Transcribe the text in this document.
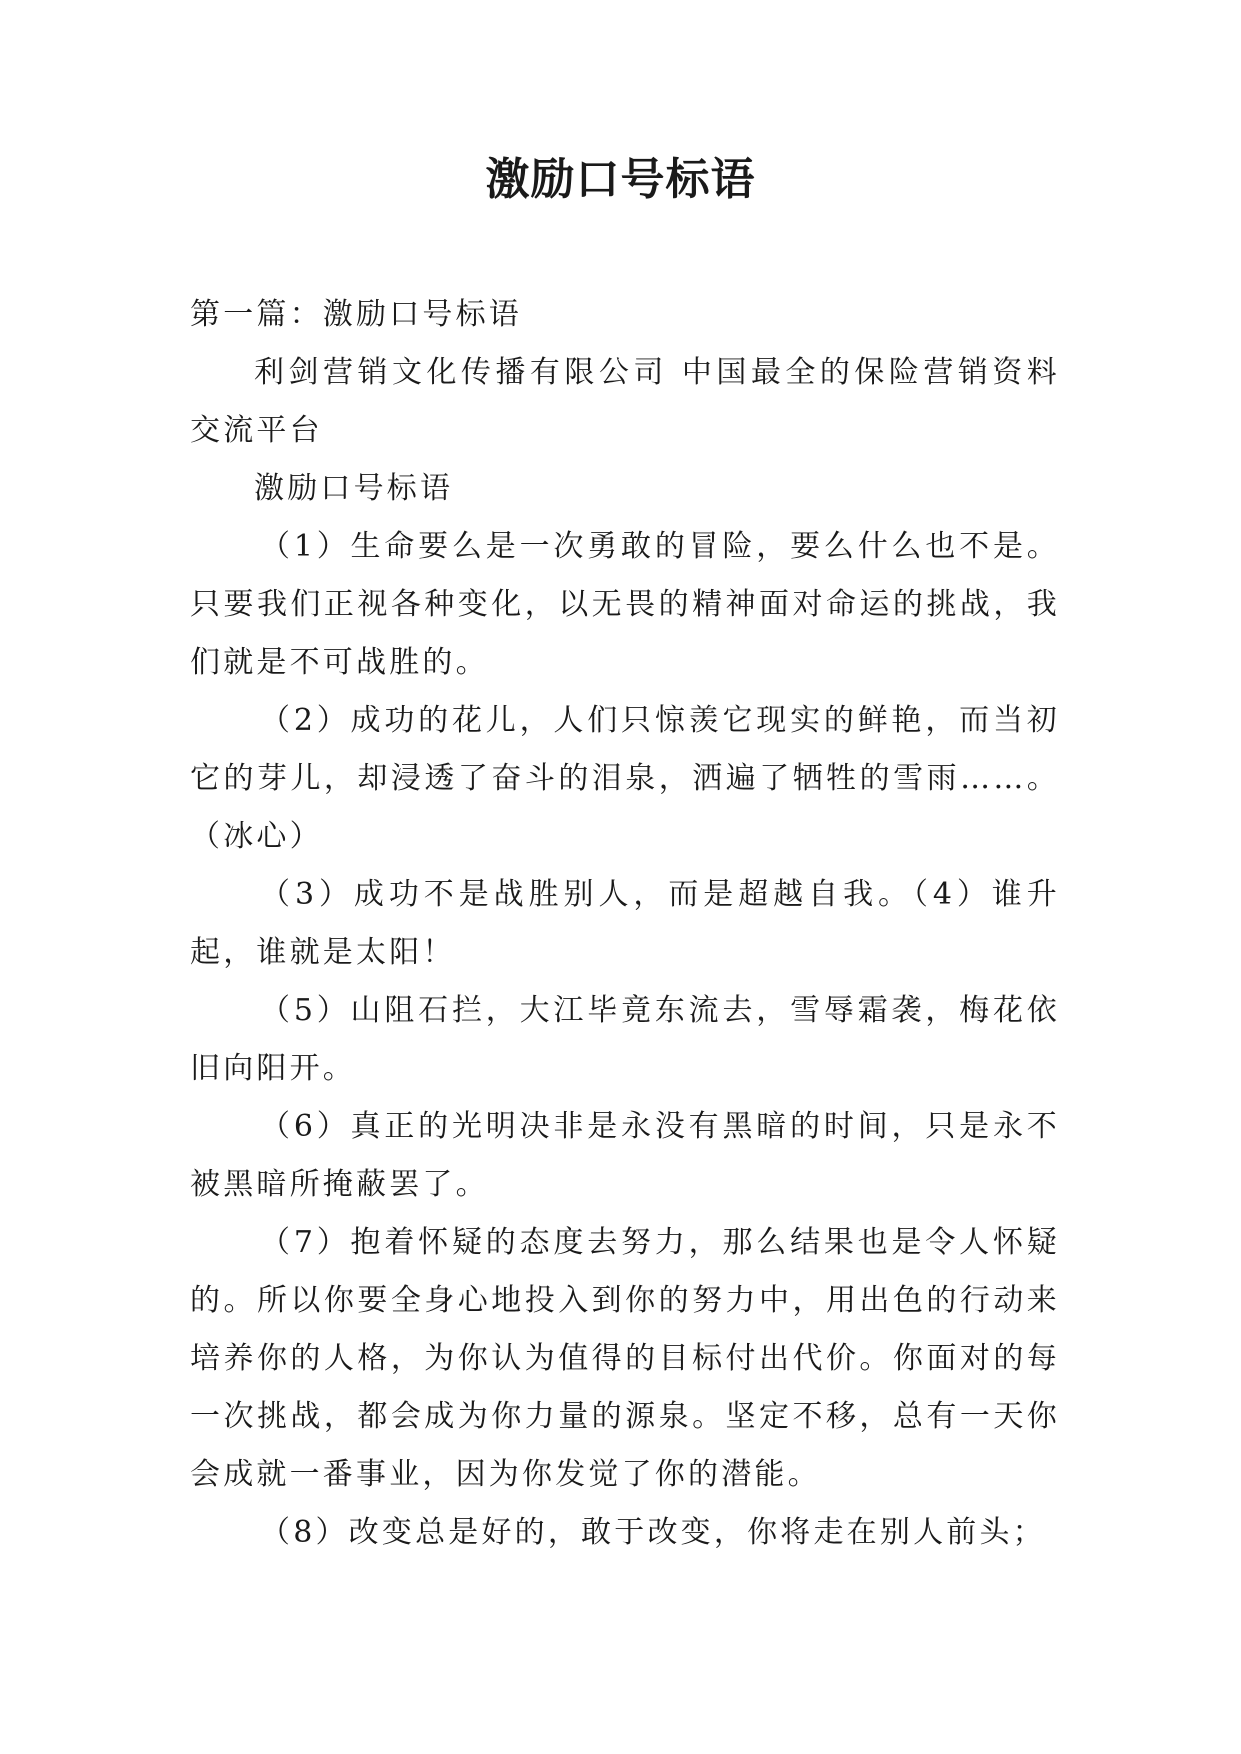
激励口号标语

第一篇：激励口号标语

利剑营销文化传播有限公司 中国最全的保险营销资料交流平台

激励口号标语

（1）生命要么是一次勇敢的冒险，要么什么也不是。只要我们正视各种变化，以无畏的精神面对命运的挑战，我们就是不可战胜的。

（2）成功的花儿，人们只惊羡它现实的鲜艳，而当初它的芽儿，却浸透了奋斗的泪泉，洒遍了牺牲的雪雨……。（冰心）

（3）成功不是战胜别人，而是超越自我。（4）谁升起，谁就是太阳！

（5）山阻石拦，大江毕竟东流去，雪辱霜袭，梅花依旧向阳开。

（6）真正的光明决非是永没有黑暗的时间，只是永不被黑暗所掩蔽罢了。

（7）抱着怀疑的态度去努力，那么结果也是令人怀疑的。所以你要全身心地投入到你的努力中，用出色的行动来培养你的人格，为你认为值得的目标付出代价。你面对的每一次挑战，都会成为你力量的源泉。坚定不移，总有一天你会成就一番事业，因为你发觉了你的潜能。

（8）改变总是好的，敢于改变，你将走在别人前头；
